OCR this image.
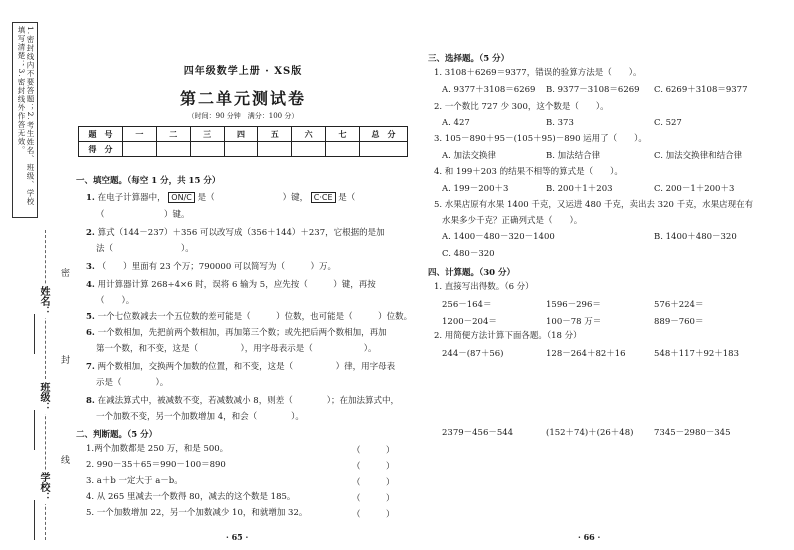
1.密封线内不要答题；2.考生姓名、班级、学校填写清楚；3.密封线外作答无效。
密
封
线
学校：
班级：
姓名：
四年级数学上册 · XS版
第二单元测试卷
（时间：90 分钟　满分：100 分）
题　号	一	二	三	四	五	六	七	总　分
得　分								
一、填空题。（每空 1 分，共 15 分）
1. 在电子计算器中， ON/C 是（　　　　　　　　）键， C·CE 是（
（　　　　　　　）键。
2. 算式（144－237）＋356 可以改写成（356＋144）＋237，它根据的是加
法（　　　　　　　　）。
3. （　　）里面有 23 个万；790000 可以简写为（　　　）万。
4. 用计算器计算 268÷4×6 时，误将 6 输为 5，应先按（　　　）键，再按
（　　）。
5. 一个七位数减去一个五位数的差可能是（　　　）位数，也可能是（　　　）位数。
6. 一个数相加，先把前两个数相加，再加第三个数；或先把后两个数相加，再加
第一个数，和不变，这是（　　　　　），用字母表示是（　　　　　　）。
7. 两个数相加，交换两个加数的位置，和不变，这是（　　　　　）律，用字母表
示是（　　　　）。
8. 在减法算式中，被减数不变，若减数减小 8，则差（　　　　）；在加法算式中，
一个加数不变，另一个加数增加 4，和会（　　　　）。
二、判断题。（5 分）
1.两个加数都是 250 万，和是 500。	（　　　）
2. 990－35＋65＝990－100＝890	（　　　）
3. a＋b 一定大于 a－b。	（　　　）
4. 从 265 里减去一个数得 80，减去的这个数是 185。	（　　　）
5. 一个加数增加 22，另一个加数减少 10，和就增加 32。	（　　　）
· 65 ·
三、选择题。（5 分）
1. 3108＋6269＝9377，错误的验算方法是（　　）。
A. 9377＋3108＝6269 B. 9377－3108＝6269 C. 6269＋3108＝9377
2. 一个数比 727 少 300，这个数是（　　）。
A. 427	B. 373	C. 527
3. 105－890＋95－(105＋95)－890 运用了（　　）。
A. 加法交换律	B. 加法结合律	C. 加法交换律和结合律
4. 和 199＋203 的结果不相等的算式是（　　）。
A. 199－200＋3	B. 200＋1＋203	C. 200－1＋200＋3
5. 水果店原有水果 1400 千克，又运进 480 千克，卖出去 320 千克，水果店现在有
水果多少千克？正确列式是（　　）。
A. 1400－480－320－1400	B. 1400＋480－320
C. 480－320
四、计算题。（30 分）
1. 直接写出得数。（6 分）
256－164＝	1596－296＝	576＋224＝
1200－204＝	100－78 万＝	889－760＝
2. 用简便方法计算下面各题。（18 分）
244－(87＋56)	128－264＋82＋16	548＋117＋92＋183
2379－456－544	(152＋74)＋(26＋48) 7345－2980－345
· 66 ·
